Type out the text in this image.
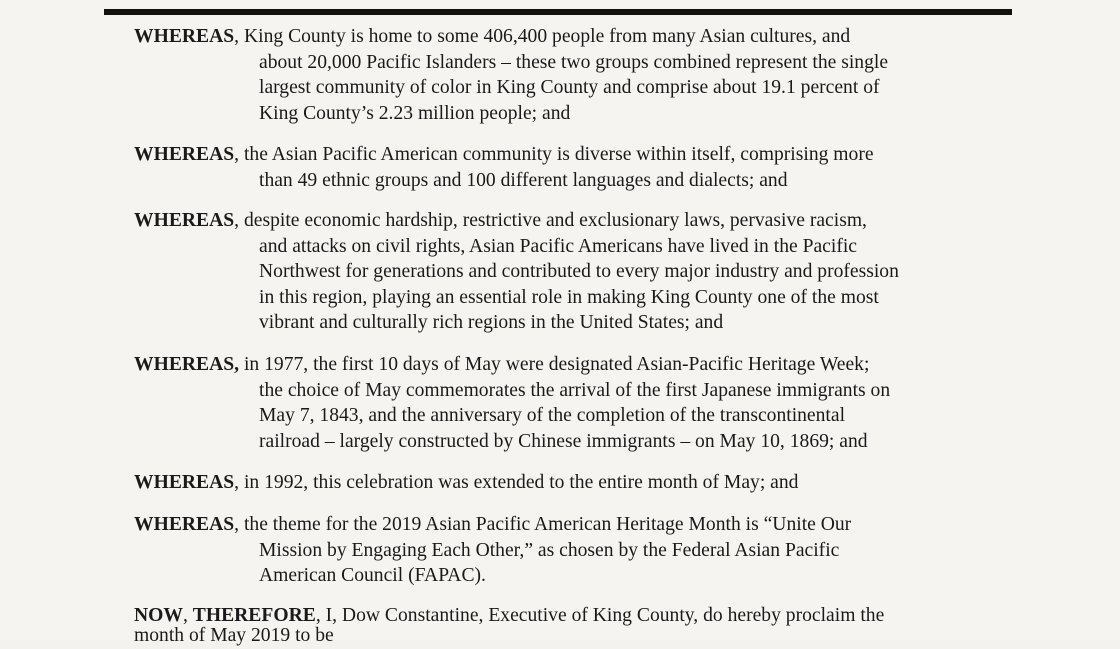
WHEREAS, King County is home to some 406,400 people from many Asian cultures, and
about 20,000 Pacific Islanders – these two groups combined represent the single
largest community of color in King County and comprise about 19.1 percent of
King County’s 2.23 million people; and
WHEREAS, the Asian Pacific American community is diverse within itself, comprising more
than 49 ethnic groups and 100 different languages and dialects; and
WHEREAS, despite economic hardship, restrictive and exclusionary laws, pervasive racism,
and attacks on civil rights, Asian Pacific Americans have lived in the Pacific
Northwest for generations and contributed to every major industry and profession
in this region, playing an essential role in making King County one of the most
vibrant and culturally rich regions in the United States; and
WHEREAS, in 1977, the first 10 days of May were designated Asian-Pacific Heritage Week;
the choice of May commemorates the arrival of the first Japanese immigrants on
May 7, 1843, and the anniversary of the completion of the transcontinental
railroad – largely constructed by Chinese immigrants – on May 10, 1869; and
WHEREAS, in 1992, this celebration was extended to the entire month of May; and
WHEREAS, the theme for the 2019 Asian Pacific American Heritage Month is “Unite Our
Mission by Engaging Each Other,” as chosen by the Federal Asian Pacific
American Council (FAPAC).
NOW, THEREFORE, I, Dow Constantine, Executive of King County, do hereby proclaim the
month of May 2019 to be
